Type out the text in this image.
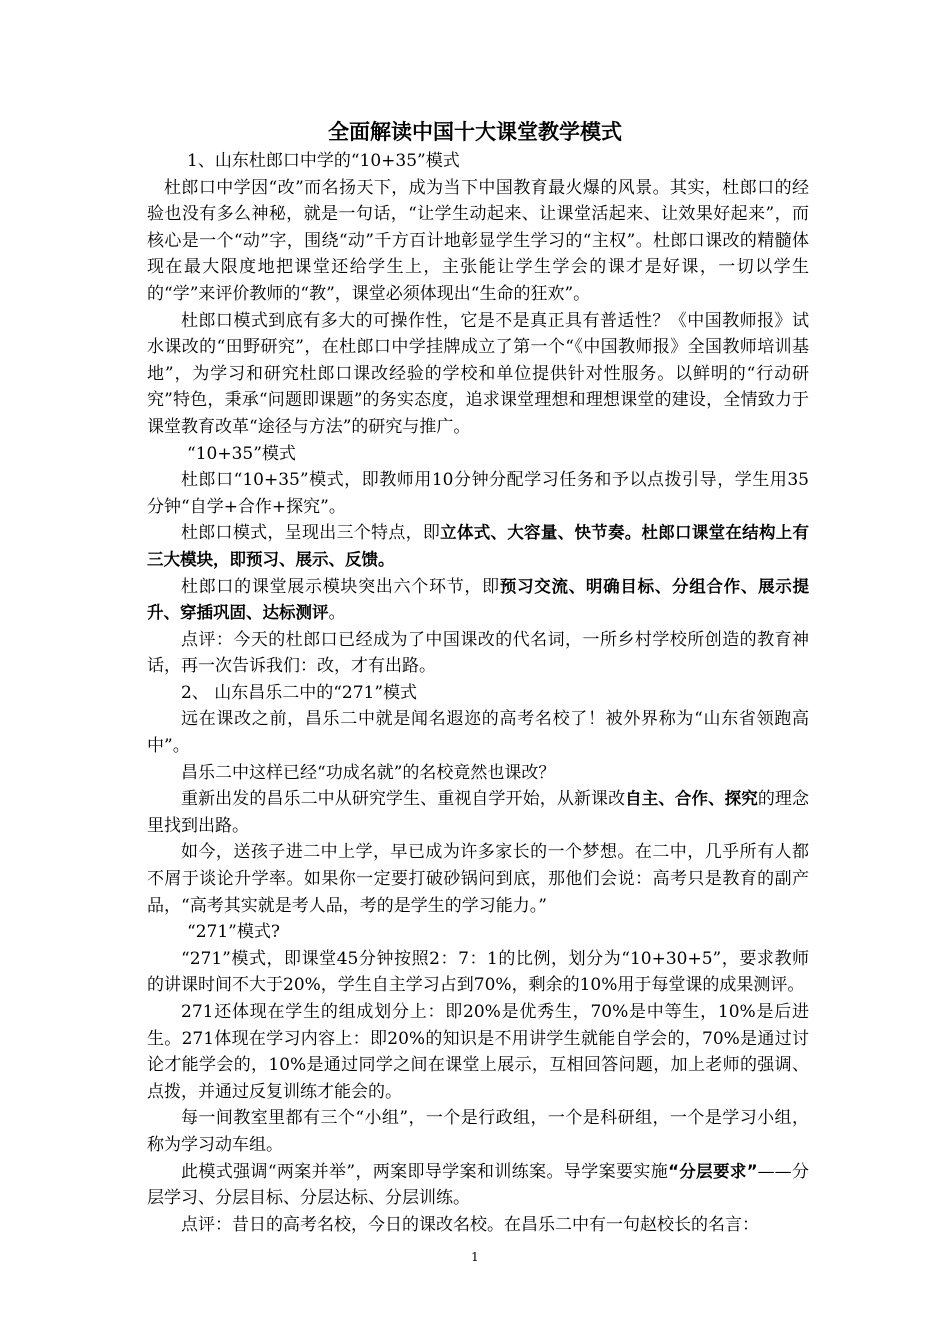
全面解读中国十大课堂教学模式

1、山东杜郎口中学的“10+35”模式

杜郎口中学因“改”而名扬天下，成为当下中国教育最火爆的风景。其实，杜郎口的经验也没有多么神秘，就是一句话，“让学生动起来、让课堂活起来、让效果好起来”，而核心是一个“动”字，围绕“动”千方百计地彰显学生学习的“主权”。杜郎口课改的精髓体现在最大限度地把课堂还给学生上，主张能让学生学会的课才是好课，一切以学生的“学”来评价教师的“教”，课堂必须体现出“生命的狂欢”。

杜郎口模式到底有多大的可操作性，它是不是真正具有普适性？《中国教师报》试水课改的“田野研究”，在杜郎口中学挂牌成立了第一个“《中国教师报》全国教师培训基地”，为学习和研究杜郎口课改经验的学校和单位提供针对性服务。以鲜明的“行动研究”特色，秉承“问题即课题”的务实态度，追求课堂理想和理想课堂的建设，全情致力于课堂教育改革“途径与方法”的研究与推广。

“10+35”模式

杜郎口“10+35”模式，即教师用10分钟分配学习任务和予以点拨引导，学生用35分钟“自学+合作+探究”。

杜郎口模式，呈现出三个特点，即立体式、大容量、快节奏。杜郎口课堂在结构上有三大模块，即预习、展示、反馈。

杜郎口的课堂展示模块突出六个环节，即预习交流、明确目标、分组合作、展示提升、穿插巩固、达标测评。

点评：今天的杜郎口已经成为了中国课改的代名词，一所乡村学校所创造的教育神话，再一次告诉我们：改，才有出路。

2、 山东昌乐二中的“271”模式

远在课改之前，昌乐二中就是闻名遐迩的高考名校了！被外界称为“山东省领跑高中”。

昌乐二中这样已经“功成名就”的名校竟然也课改？

重新出发的昌乐二中从研究学生、重视自学开始，从新课改自主、合作、探究的理念里找到出路。

如今，送孩子进二中上学，早已成为许多家长的一个梦想。在二中，几乎所有人都不屑于谈论升学率。如果你一定要打破砂锅问到底，那他们会说：高考只是教育的副产品，“高考其实就是考人品，考的是学生的学习能力。”

“271”模式?

“271”模式，即课堂45分钟按照2：7：1的比例，划分为“10+30+5”，要求教师的讲课时间不大于20%，学生自主学习占到70%，剩余的10%用于每堂课的成果测评。

271还体现在学生的组成划分上：即20%是优秀生，70%是中等生，10%是后进生。271体现在学习内容上：即20%的知识是不用讲学生就能自学会的，70%是通过讨论才能学会的，10%是通过同学之间在课堂上展示，互相回答问题，加上老师的强调、点拨，并通过反复训练才能会的。

每一间教室里都有三个“小组”，一个是行政组，一个是科研组，一个是学习小组，称为学习动车组。

此模式强调“两案并举”，两案即导学案和训练案。导学案要实施“分层要求”——分层学习、分层目标、分层达标、分层训练。

点评：昔日的高考名校，今日的课改名校。在昌乐二中有一句赵校长的名言：

1
